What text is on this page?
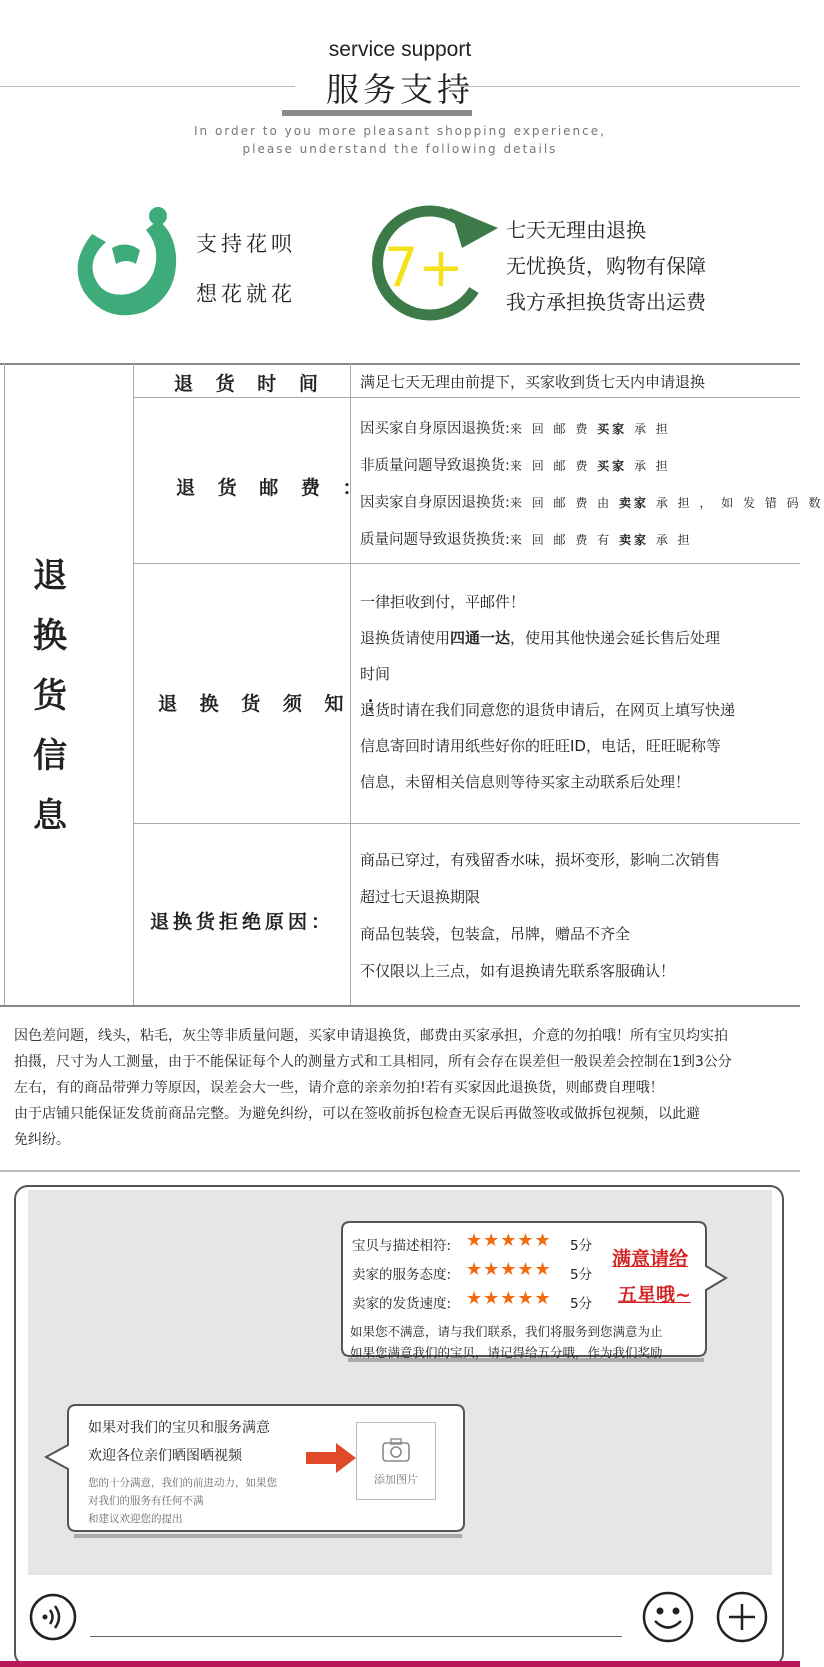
service support
服务支持
In order to you more pleasant shopping experience,
please understand the following details
支持花呗
想花就花 7+
七天无理由退换
无忧换货，购物有保障
我方承担换货寄出运费
退
换
货
信
息
退 货 时 间 满足七天无理由前提下，买家收到货七天内申请退换
退 货 邮 费 ：
因买家自身原因退换货:来 回 邮 费 买家 承 担
非质量问题导致退换货:来 回 邮 费 买家 承 担
因卖家自身原因退换货:来 回 邮 费 由 卖家 承 担 ， 如 发 错 码 数
质量问题导致退货换货:来 回 邮 费 有 卖家 承 担
退 换 货 须 知 ：
一律拒收到付，平邮件！
退换货请使用四通一达，使用其他快递会延长售后处理
时间
退货时请在我们同意您的退货申请后，在网页上填写快递
信息寄回时请用纸些好你的旺旺ID，电话，旺旺昵称等
信息，未留相关信息则等待买家主动联系后处理！
退换货拒绝原因：
商品已穿过，有残留香水味，损坏变形，影响二次销售
超过七天退换期限
商品包装袋，包装盒，吊牌，赠品不齐全
不仅限以上三点，如有退换请先联系客服确认！
因色差问题，线头，粘毛，灰尘等非质量问题，买家申请退换货，邮费由买家承担，介意的勿拍哦！所有宝贝均实拍
拍摄，尺寸为人工测量，由于不能保证每个人的测量方式和工具相同，所有会存在误差但一般误差会控制在1到3公分
左右，有的商品带弹力等原因，误差会大一些，请介意的亲亲勿拍!若有买家因此退换货，则邮费自理哦！
由于店铺只能保证发货前商品完整。为避免纠纷，可以在签收前拆包检查无误后再做签收或做拆包视频，以此避
免纠纷。
宝贝与描述相符: ★★★★★ 5分
卖家的服务态度: ★★★★★ 5分
卖家的发货速度: ★★★★★ 5分
满意请给
五星哦~
如果您不满意，请与我们联系，我们将服务到您满意为止
如果您满意我们的宝贝，请记得给五分哦，作为我们奖励
如果对我们的宝贝和服务满意
欢迎各位亲们晒图晒视频
您的十分满意，我们的前进动力，如果您
对我们的服务有任何不满
和建议欢迎您的提出
添加图片
